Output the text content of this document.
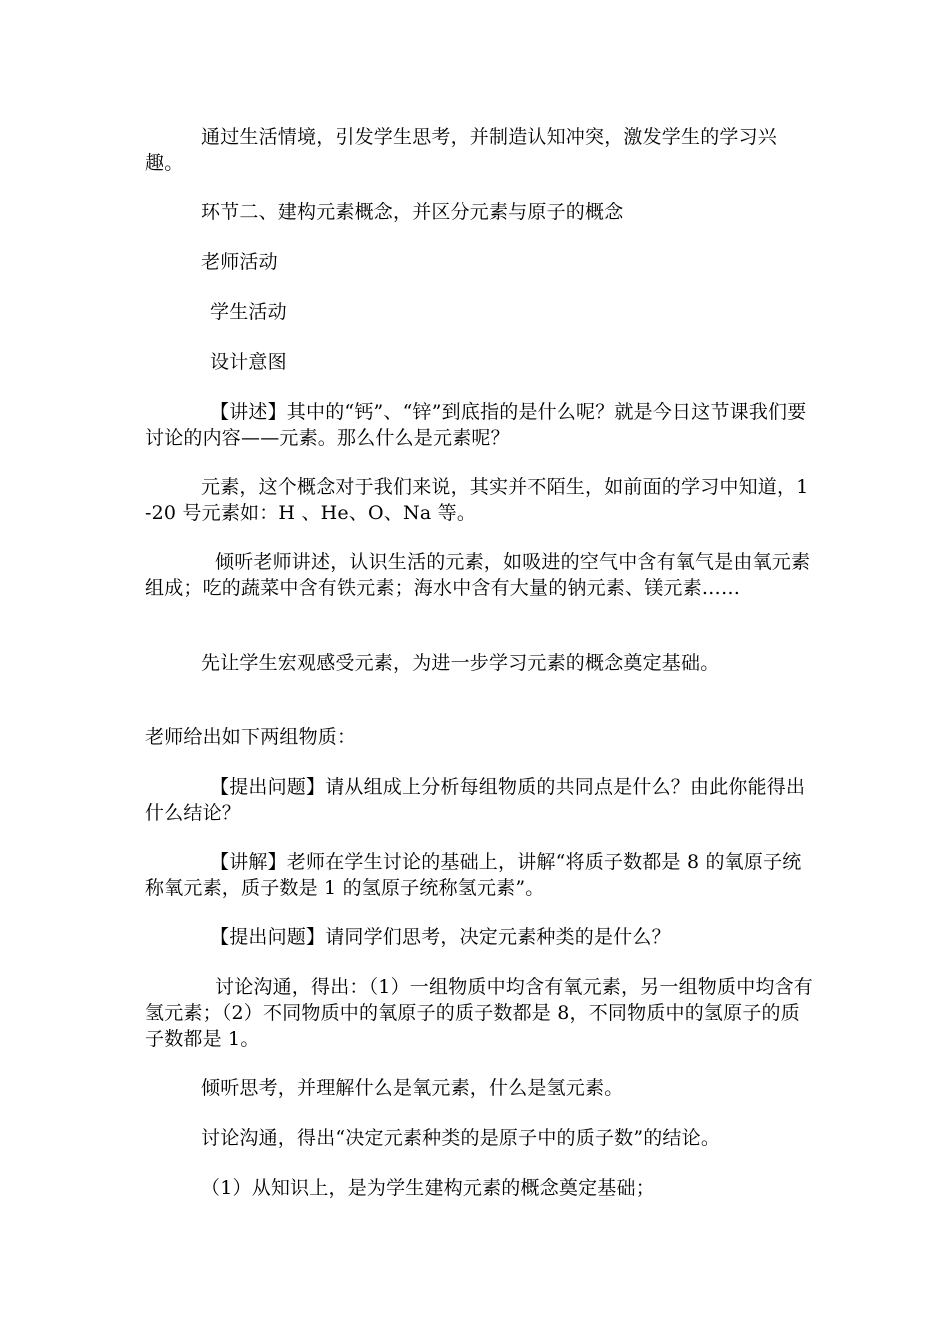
通过生活情境，引发学生思考，并制造认知冲突，激发学生的学习兴趣。

环节二、建构元素概念，并区分元素与原子的概念

老师活动

学生活动

设计意图

【讲述】其中的“钙”、“锌”到底指的是什么呢？就是今日这节课我们要讨论的内容——元素。那么什么是元素呢？

元素，这个概念对于我们来说，其实并不陌生，如前面的学习中知道，1-20 号元素如：H 、He、O、Na 等。

倾听老师讲述，认识生活的元素，如吸进的空气中含有氧气是由氧元素组成；吃的蔬菜中含有铁元素；海水中含有大量的钠元素、镁元素……

先让学生宏观感受元素，为进一步学习元素的概念奠定基础。

老师给出如下两组物质：

【提出问题】请从组成上分析每组物质的共同点是什么？由此你能得出什么结论？

【讲解】老师在学生讨论的基础上，讲解“将质子数都是 8 的氧原子统称氧元素，质子数是 1 的氢原子统称氢元素”。

【提出问题】请同学们思考，决定元素种类的是什么？

讨论沟通，得出：（1）一组物质中均含有氧元素，另一组物质中均含有氢元素；（2）不同物质中的氧原子的质子数都是 8，不同物质中的氢原子的质子数都是 1。

倾听思考，并理解什么是氧元素，什么是氢元素。

讨论沟通，得出“决定元素种类的是原子中的质子数”的结论。

（1）从知识上，是为学生建构元素的概念奠定基础；
